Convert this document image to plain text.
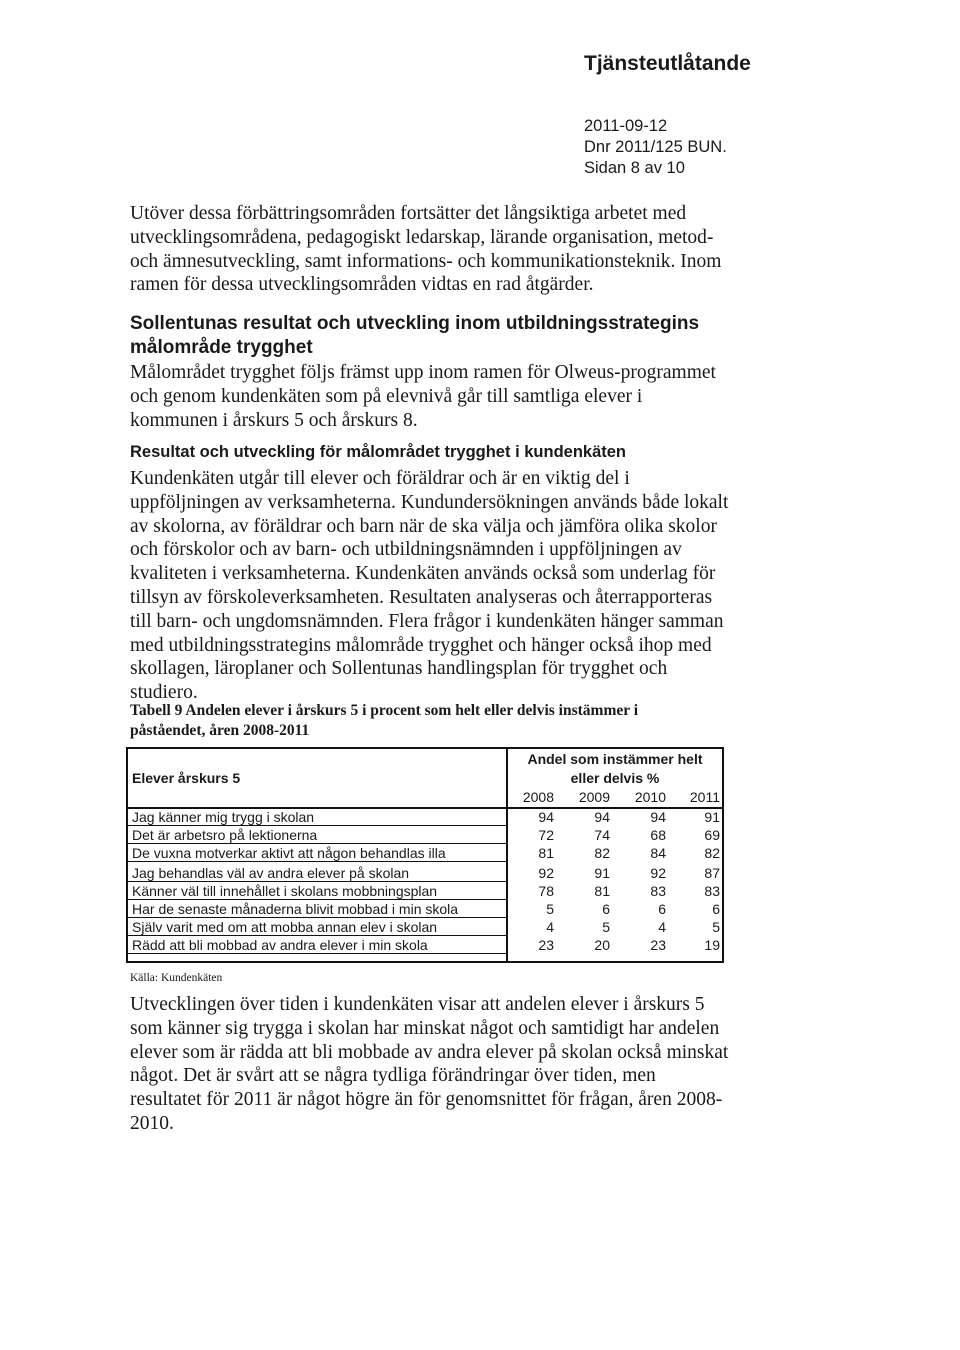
Tjänsteutlåtande
2011-09-12
Dnr 2011/125 BUN.
Sidan 8 av 10
Utöver dessa förbättringsområden fortsätter det långsiktiga arbetet med
utvecklingsområdena, pedagogiskt ledarskap, lärande organisation, metod-
och ämnesutveckling, samt informations- och kommunikationsteknik. Inom
ramen för dessa utvecklingsområden vidtas en rad åtgärder.
Sollentunas resultat och utveckling inom utbildningsstrategins
målområde trygghet
Målområdet trygghet följs främst upp inom ramen för Olweus-programmet
och genom kundenkäten som på elevnivå går till samtliga elever i
kommunen i årskurs 5 och årskurs 8.
Resultat och utveckling för målområdet trygghet i kundenkäten
Kundenkäten utgår till elever och föräldrar och är en viktig del i
uppföljningen av verksamheterna. Kundundersökningen används både lokalt
av skolorna, av föräldrar och barn när de ska välja och jämföra olika skolor
och förskolor och av barn- och utbildningsnämnden i uppföljningen av
kvaliteten i verksamheterna. Kundenkäten används också som underlag för
tillsyn av förskoleverksamheten. Resultaten analyseras och återrapporteras
till barn- och ungdomsnämnden. Flera frågor i kundenkäten hänger samman
med utbildningsstrategins målområde trygghet och hänger också ihop med
skollagen, läroplaner och Sollentunas handlingsplan för trygghet och
studiero.
Tabell 9 Andelen elever i årskurs 5 i procent som helt eller delvis instämmer i
påståendet, åren 2008-2011
Elever årskurs 5
Andel som instämmer helt
eller delvis %
2008	2009	2010	2011
Jag känner mig trygg i skolan	94	94	94	91
Det är arbetsro på lektionerna	72	74	68	69
De vuxna motverkar aktivt att någon behandlas illa	81	82	84	82
Jag behandlas väl av andra elever på skolan	92	91	92	87
Känner väl till innehållet i skolans mobbningsplan	78	81	83	83
Har de senaste månaderna blivit mobbad i min skola	5	6	6	6
Själv varit med om att mobba annan elev i skolan	4	5	4	5
Rädd att bli mobbad av andra elever i min skola	23	20	23	19
Källa: Kundenkäten
Utvecklingen över tiden i kundenkäten visar att andelen elever i årskurs 5
som känner sig trygga i skolan har minskat något och samtidigt har andelen
elever som är rädda att bli mobbade av andra elever på skolan också minskat
något. Det är svårt att se några tydliga förändringar över tiden, men
resultatet för 2011 är något högre än för genomsnittet för frågan, åren 2008-
2010.
